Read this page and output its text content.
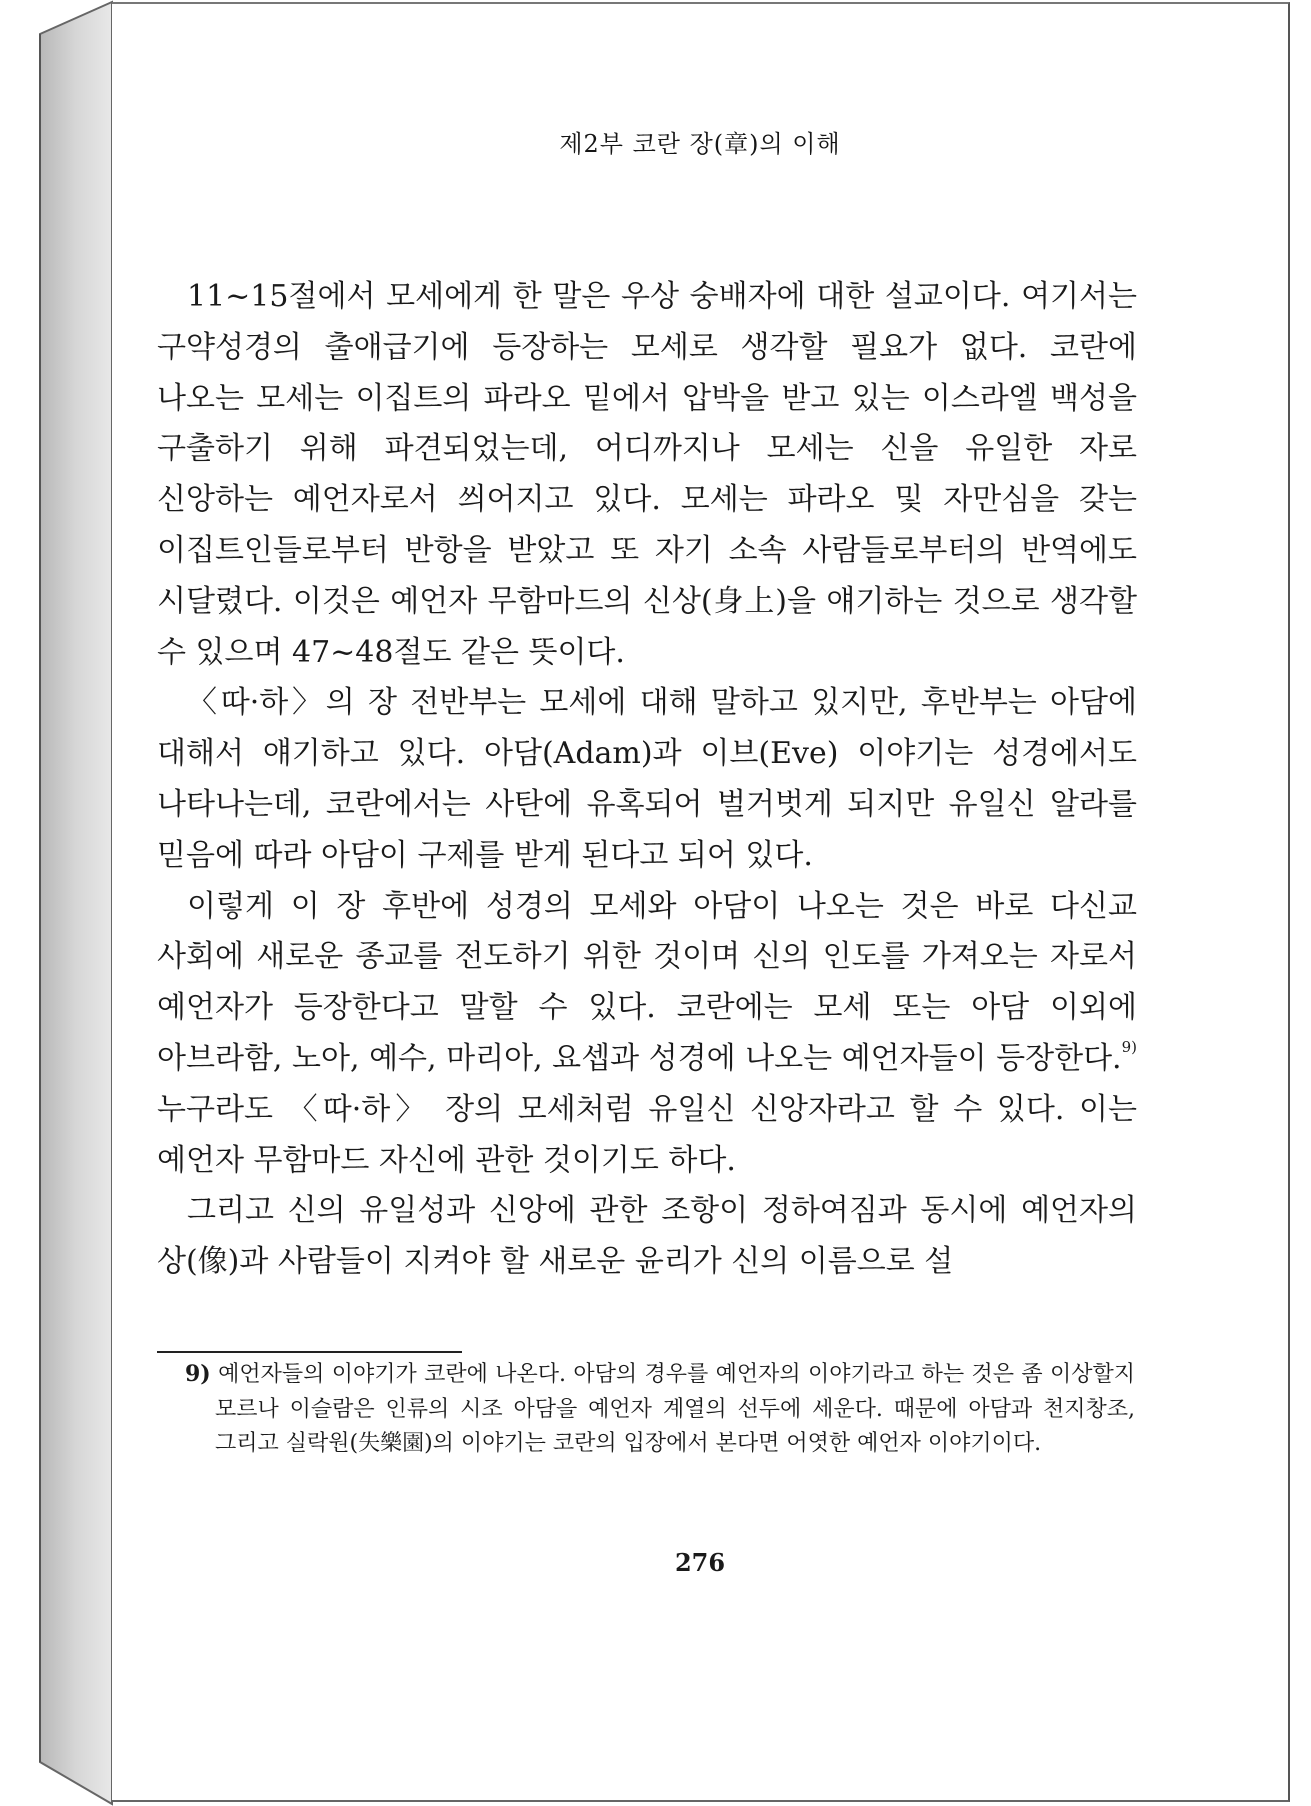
제2부 코란 장(章)의 이해
276

11~15절에서 모세에게 한 말은 우상 숭배자에 대한 설교이다. 여기서는 구약성경의 출애급기에 등장하는 모세로 생각할 필요가 없다. 코란에 나오는 모세는 이집트의 파라오 밑에서 압박을 받고 있는 이스라엘 백성을 구출하기 위해 파견되었는데, 어디까지나 모세는 신을 유일한 자로 신앙하는 예언자로서 씌어지고 있다. 모세는 파라오 및 자만심을 갖는 이집트인들로부터 반항을 받았고 또 자기 소속 사람들로부터의 반역에도 시달렸다. 이것은 예언자 무함마드의 신상(身上)을 얘기하는 것으로 생각할 수 있으며 47~48절도 같은 뜻이다.

〈따·하〉의 장 전반부는 모세에 대해 말하고 있지만, 후반부는 아담에 대해서 얘기하고 있다. 아담(Adam)과 이브(Eve) 이야기는 성경에서도 나타나는데, 코란에서는 사탄에 유혹되어 벌거벗게 되지만 유일신 알라를 믿음에 따라 아담이 구제를 받게 된다고 되어 있다.

이렇게 이 장 후반에 성경의 모세와 아담이 나오는 것은 바로 다신교 사회에 새로운 종교를 전도하기 위한 것이며 신의 인도를 가져오는 자로서 예언자가 등장한다고 말할 수 있다. 코란에는 모세 또는 아담 이외에 아브라함, 노아, 예수, 마리아, 요셉과 성경에 나오는 예언자들이 등장한다.$^{9)}$ 누구라도 〈따·하〉 장의 모세처럼 유일신 신앙자라고 할 수 있다. 이는 예언자 무함마드 자신에 관한 것이기도 하다.

그리고 신의 유일성과 신앙에 관한 조항이 정하여짐과 동시에 예언자의 상(像)과 사람들이 지켜야 할 새로운 윤리가 신의 이름으로 설

9) 예언자들의 이야기가 코란에 나온다. 아담의 경우를 예언자의 이야기라고 하는 것은 좀 이상할지 모르나 이슬람은 인류의 시조 아담을 예언자 계열의 선두에 세운다. 때문에 아담과 천지창조, 그리고 실락원(失樂園)의 이야기는 코란의 입장에서 본다면 어엿한 예언자 이야기이다.
